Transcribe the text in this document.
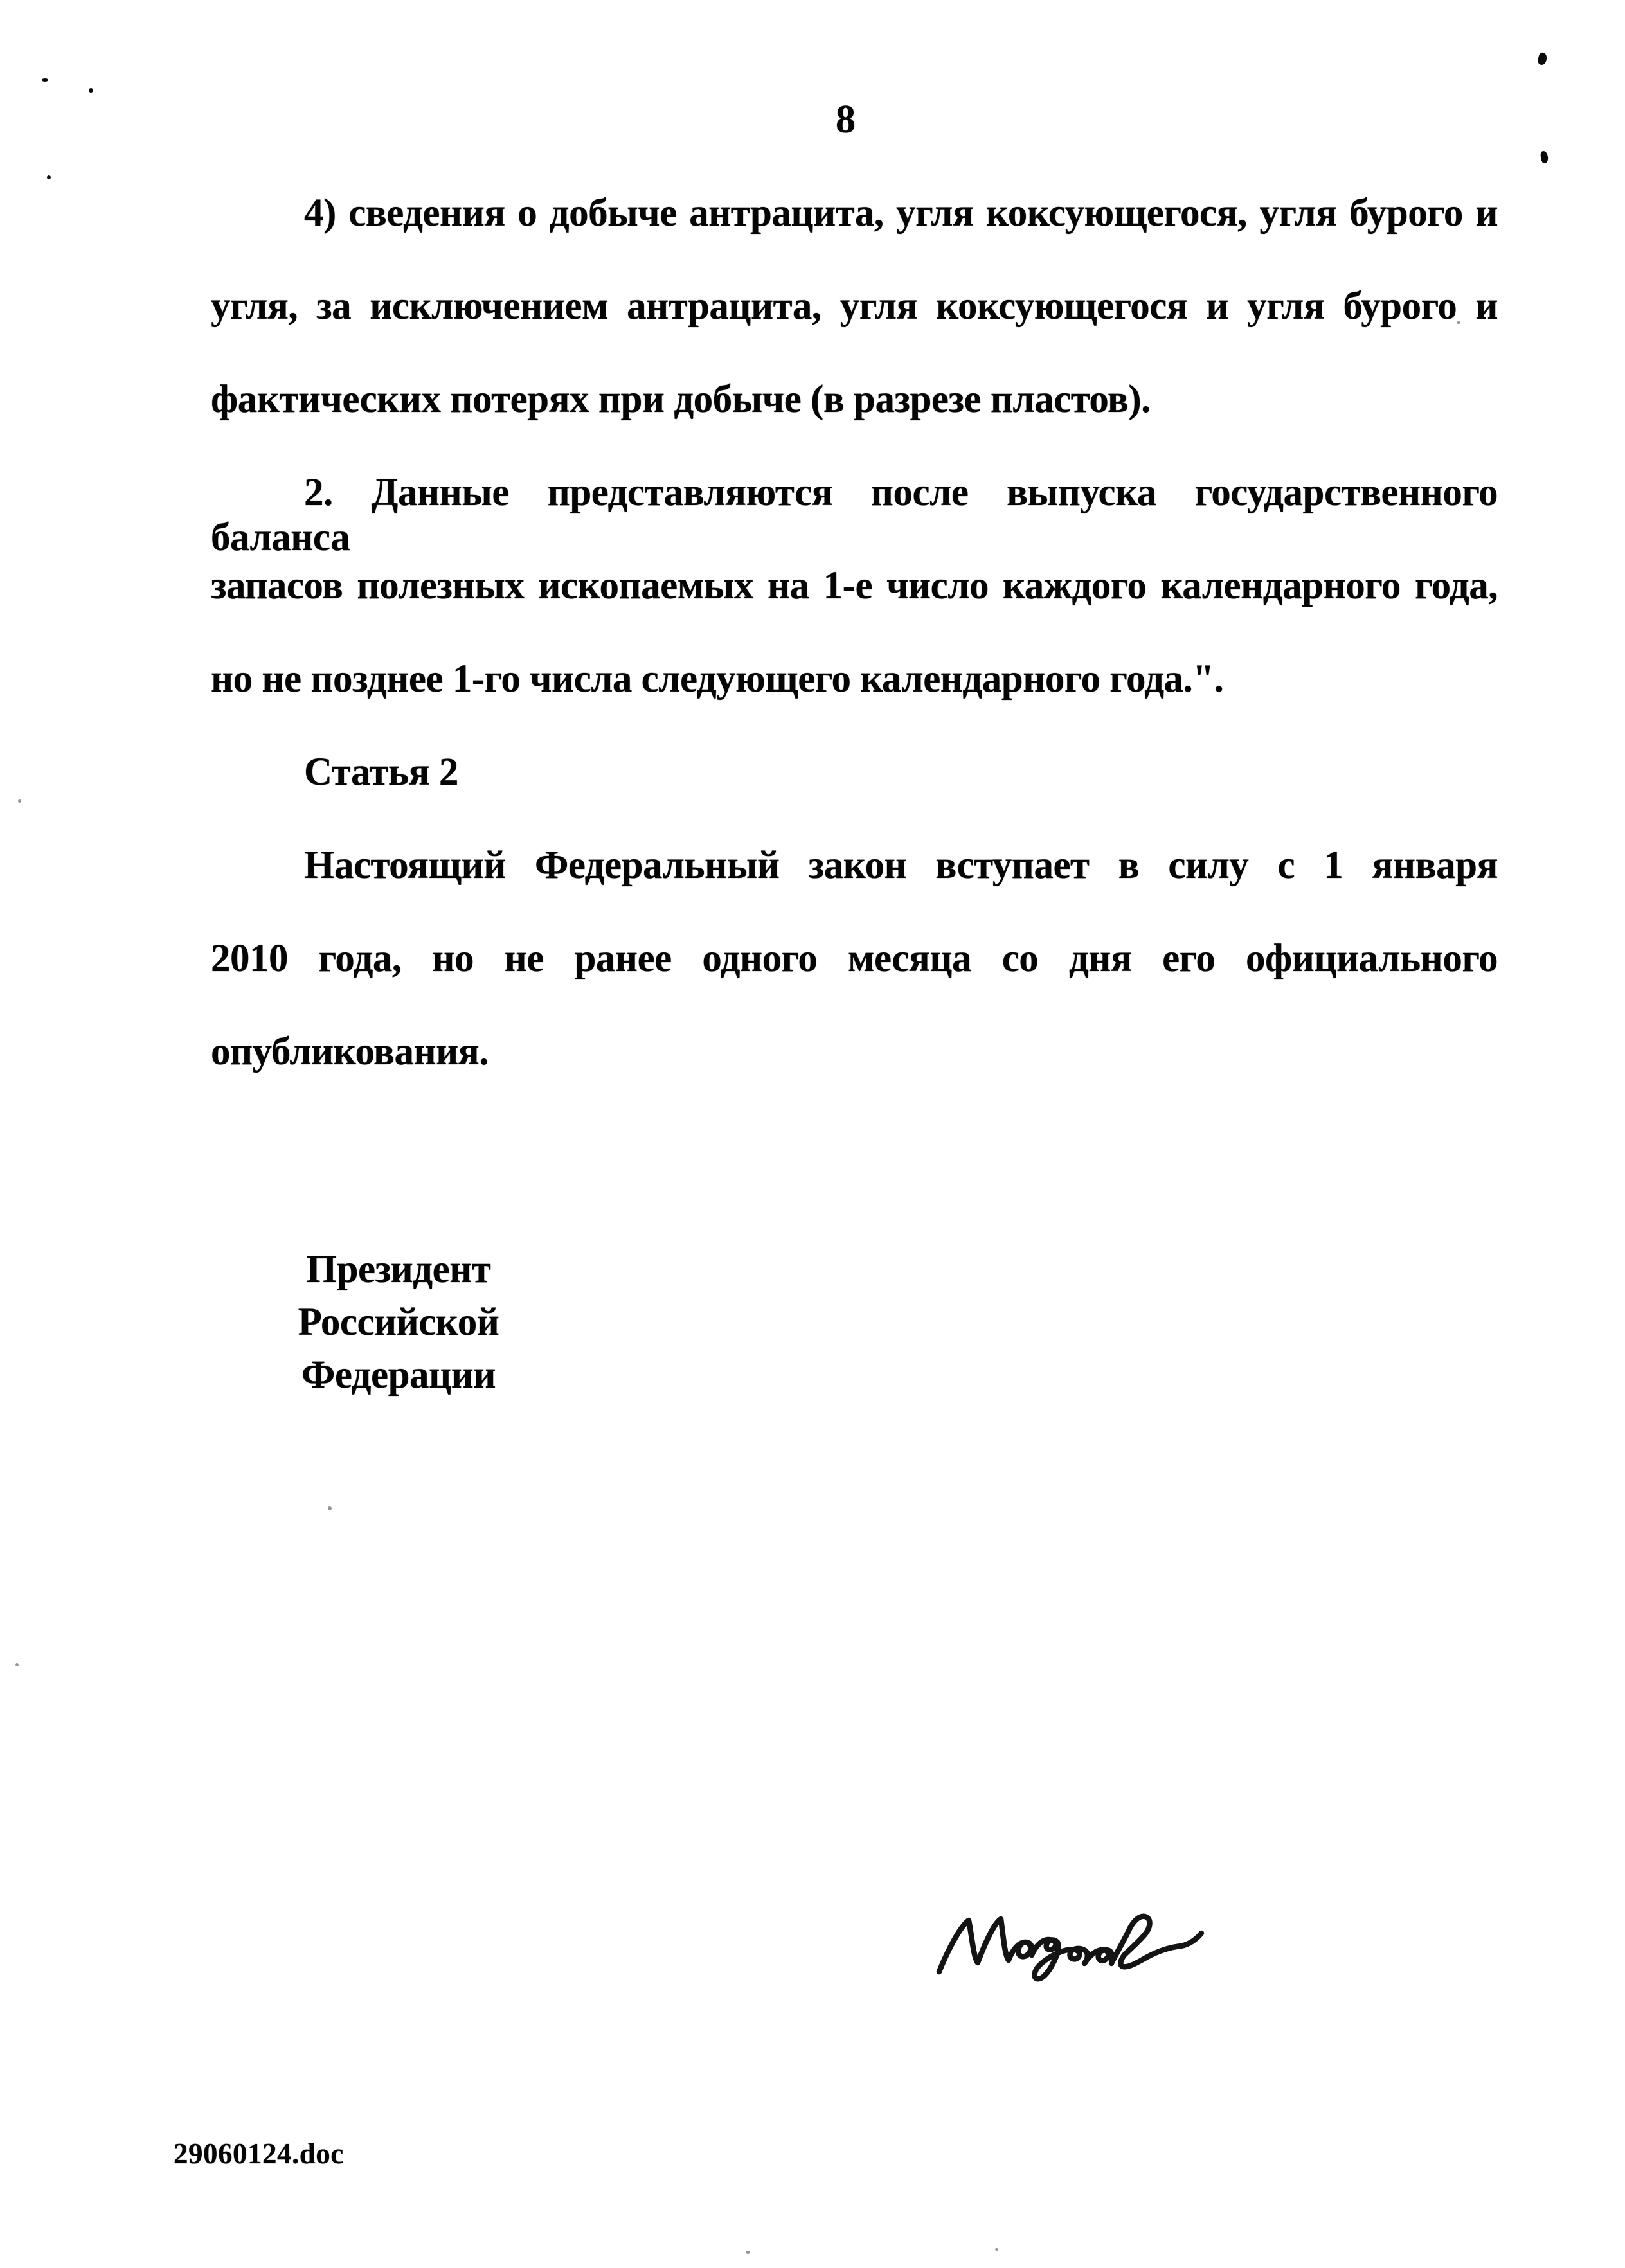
8
4) сведения о добыче антрацита, угля коксующегося, угля бурого и
угля, за исключением антрацита, угля коксующегося и угля бурого и
фактических потерях при добыче (в разрезе пластов).
2. Данные представляются после выпуска государственного баланса
запасов полезных ископаемых на 1-е число каждого календарного года,
но не позднее 1-го числа следующего календарного года.".
Статья 2
Настоящий Федеральный закон вступает в силу с 1 января
2010 года, но не ранее одного месяца со дня его официального
опубликования.
Президент
Российской Федерации
29060124.doc
